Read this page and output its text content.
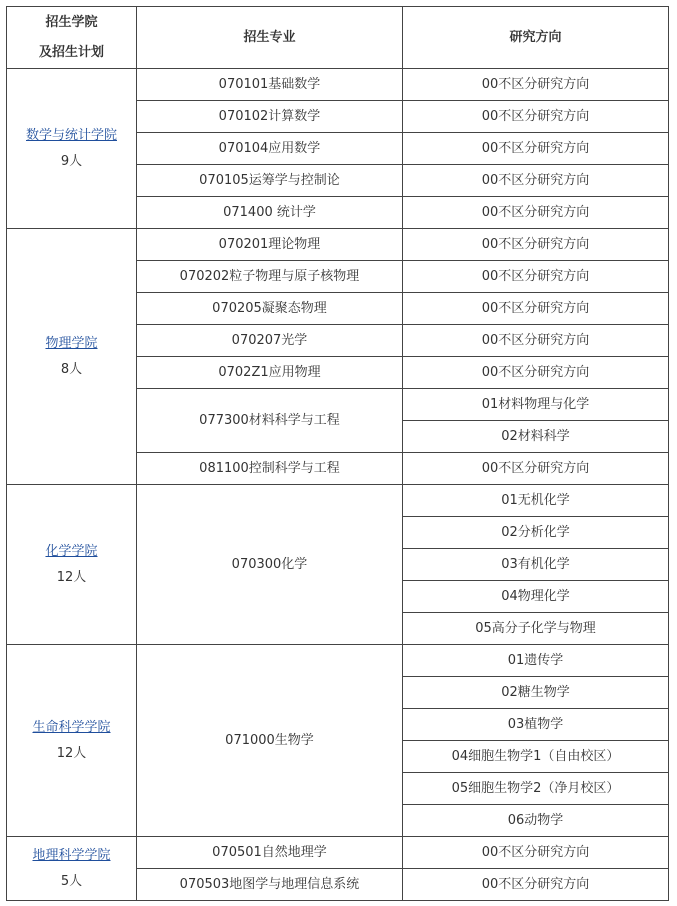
招生学院
及招生计划	招生专业	研究方向
数学与统计学院
9人	070101基础数学	00不区分研究方向
	070102计算数学	00不区分研究方向
	070104应用数学	00不区分研究方向
	070105运筹学与控制论	00不区分研究方向
	071400 统计学	00不区分研究方向
物理学院
8人	070201理论物理	00不区分研究方向
	070202粒子物理与原子核物理	00不区分研究方向
	070205凝聚态物理	00不区分研究方向
	070207光学	00不区分研究方向
	0702Z1应用物理	00不区分研究方向
	077300材料科学与工程	01材料物理与化学
		02材料科学
	081100控制科学与工程	00不区分研究方向
化学学院
12人	070300化学	01无机化学
		02分析化学
		03有机化学
		04物理化学
		05高分子化学与物理
生命科学学院
12人	071000生物学	01遗传学
		02糖生物学
		03植物学
		04细胞生物学1（自由校区）
		05细胞生物学2（净月校区）
		06动物学
地理科学学院
5人	070501自然地理学	00不区分研究方向
	070503地图学与地理信息系统	00不区分研究方向
